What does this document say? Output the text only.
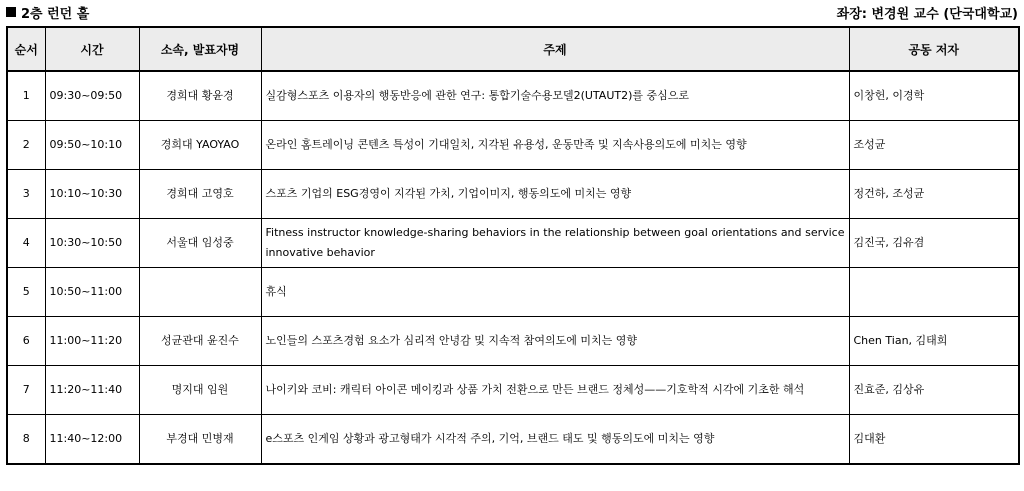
2층 런던 홀	좌장: 변경원 교수 (단국대학교)
순서	시간	소속, 발표자명	주제	공동 저자
1	09:30~09:50	경희대 황윤경	실감형스포츠 이용자의 행동반응에 관한 연구: 통합기술수용모델2(UTAUT2)를 중심으로	이창헌, 이경학
2	09:50~10:10	경희대 YAOYAO	온라인 홈트레이닝 콘텐츠 특성이 기대일치, 지각된 유용성, 운동만족 및 지속사용의도에 미치는 영향	조성균
3	10:10~10:30	경희대 고영호	스포츠 기업의 ESG경영이 지각된 가치, 기업이미지, 행동의도에 미치는 영향	정건하, 조성균
4	10:30~10:50	서울대 임성중	Fitness instructor knowledge-sharing behaviors in the relationship between goal orientations and service innovative behavior	김진국, 김유겸
5	10:50~11:00		휴식	
6	11:00~11:20	성균관대 윤진수	노인들의 스포츠경험 요소가 심리적 안녕감 및 지속적 참여의도에 미치는 영향	Chen Tian, 김태희
7	11:20~11:40	명지대 임원	나이키와 코비: 캐릭터 아이콘 메이킹과 상품 가치 전환으로 만든 브랜드 정체성——기호학적 시각에 기초한 해석	진효준, 김상유
8	11:40~12:00	부경대 민병재	e스포츠 인게임 상황과 광고형태가 시각적 주의, 기억, 브랜드 태도 및 행동의도에 미치는 영향	김대환
